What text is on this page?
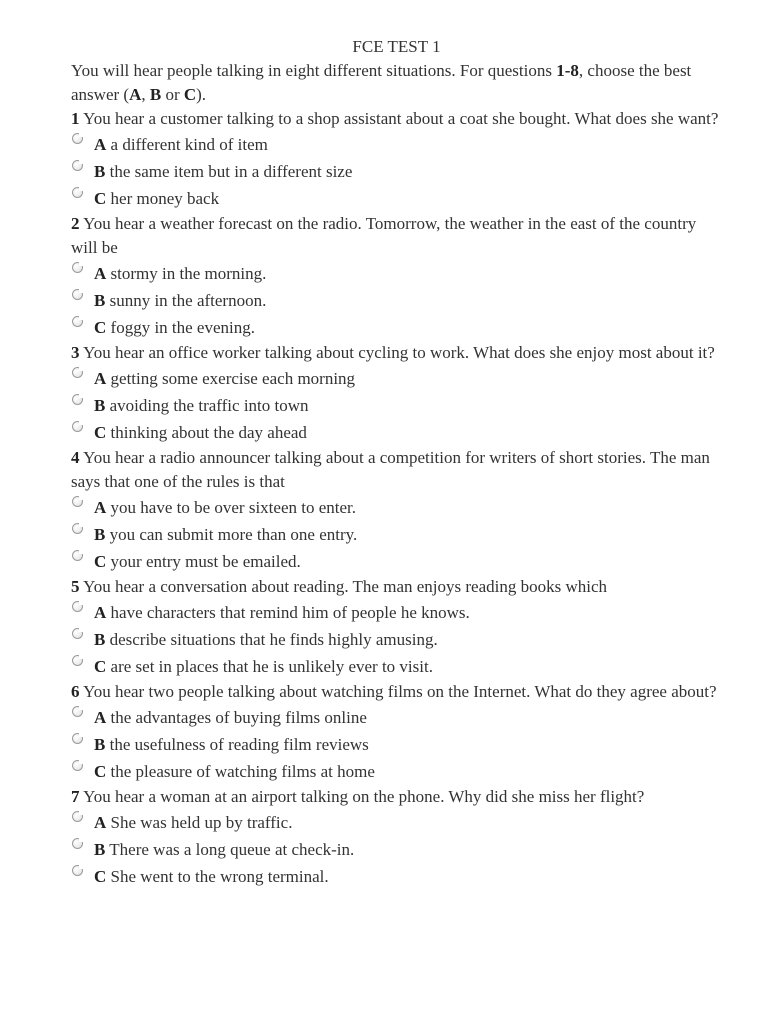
FCE TEST 1

You will hear people talking in eight different situations. For questions 1-8, choose the best answer (A, B or C).

1 You hear a customer talking to a shop assistant about a coat she bought. What does she want?

A a different kind of item
B the same item but in a different size
C her money back

2 You hear a weather forecast on the radio. Tomorrow, the weather in the east of the country will be

A stormy in the morning.
B sunny in the afternoon.
C foggy in the evening.

3 You hear an office worker talking about cycling to work. What does she enjoy most about it?

A getting some exercise each morning
B avoiding the traffic into town
C thinking about the day ahead

4 You hear a radio announcer talking about a competition for writers of short stories. The man says that one of the rules is that

A you have to be over sixteen to enter.
B you can submit more than one entry.
C your entry must be emailed.

5 You hear a conversation about reading. The man enjoys reading books which

A have characters that remind him of people he knows.
B describe situations that he finds highly amusing.
C are set in places that he is unlikely ever to visit.

6 You hear two people talking about watching films on the Internet. What do they agree about?

A the advantages of buying films online
B the usefulness of reading film reviews
C the pleasure of watching films at home

7 You hear a woman at an airport talking on the phone. Why did she miss her flight?

A She was held up by traffic.
B There was a long queue at check-in.
C She went to the wrong terminal.
